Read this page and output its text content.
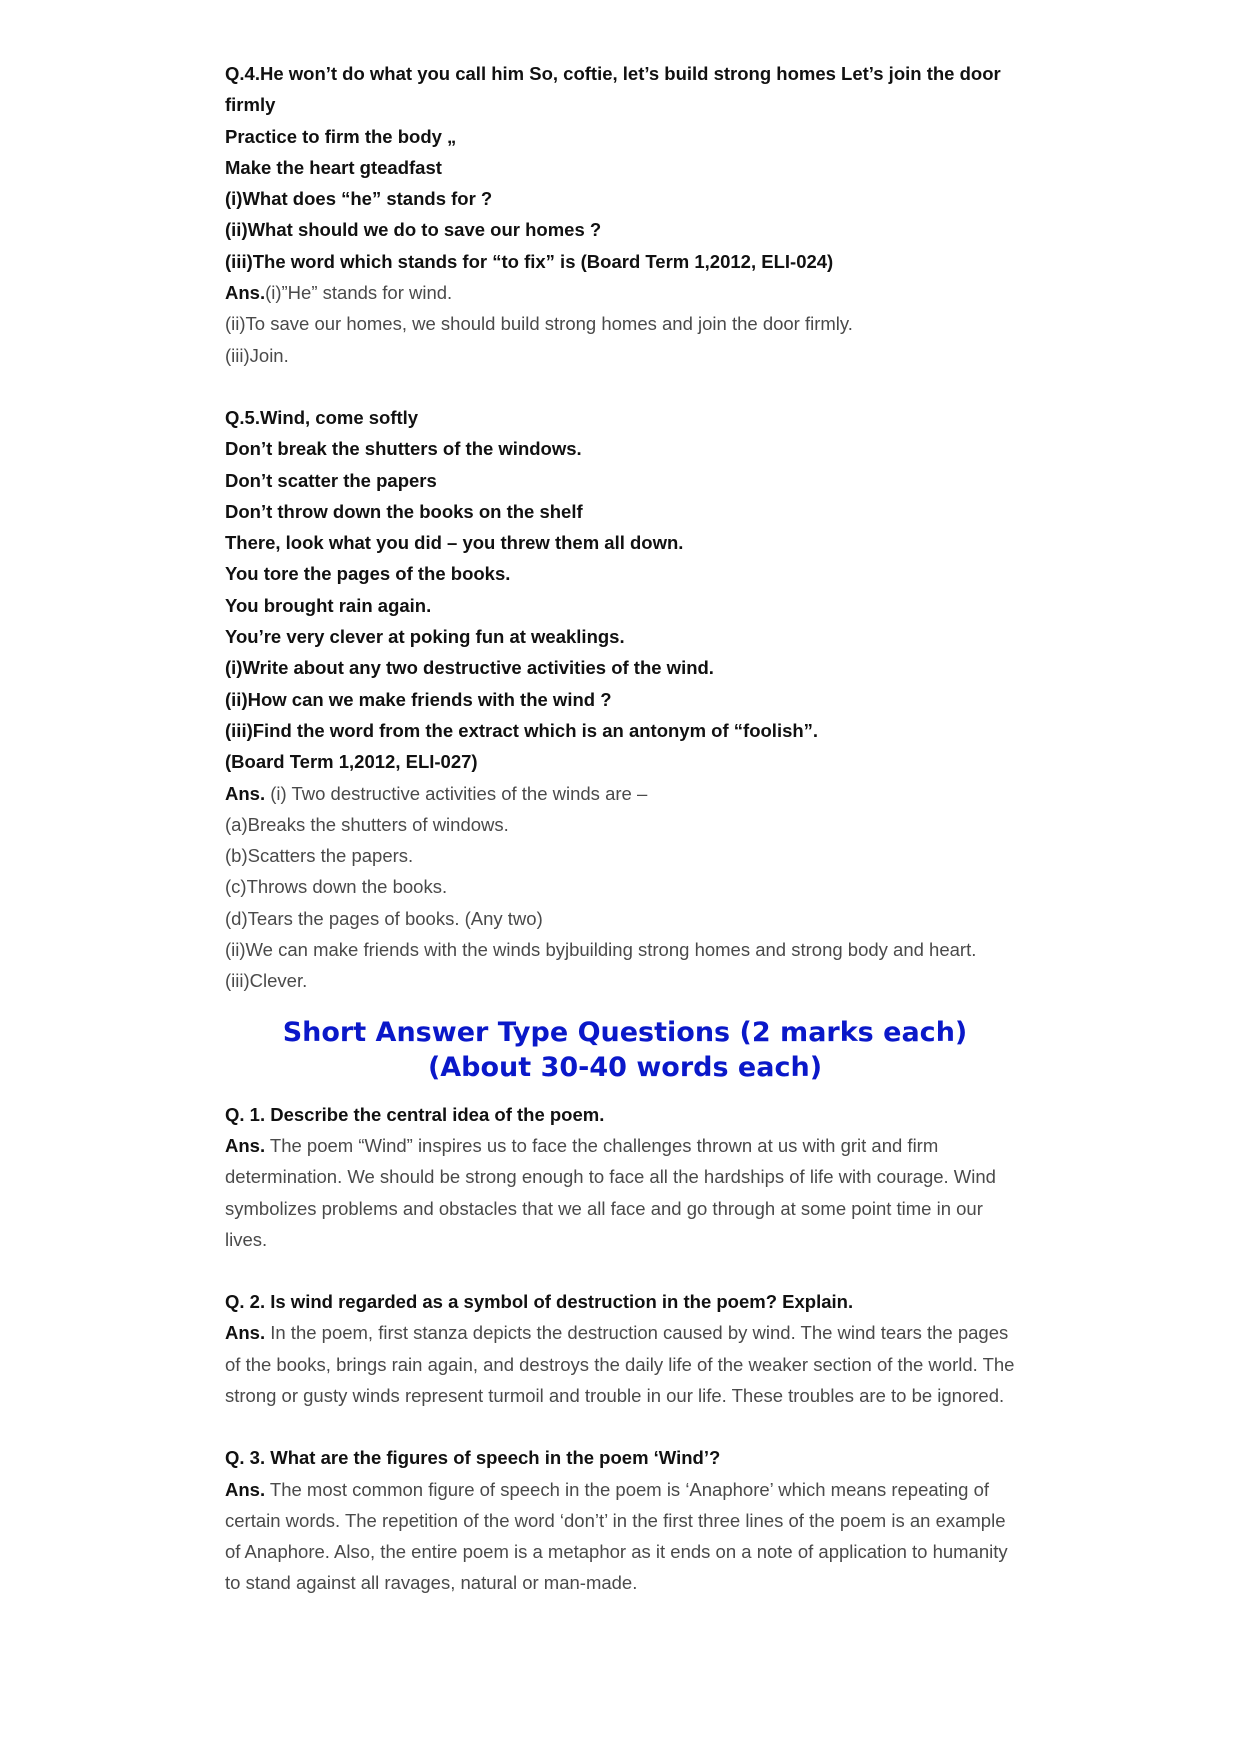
Q.4.He won’t do what you call him So, coftie, let’s build strong homes Let’s join the door
firmly
Practice to firm the body „
Make the heart gteadfast
(i)What does “he” stands for ?
(ii)What should we do to save our homes ?
(iii)The word which stands for “to fix” is (Board Term 1,2012, ELI-024)
Ans.(i)”He” stands for wind.
(ii)To save our homes, we should build strong homes and join the door firmly.
(iii)Join.
Q.5.Wind, come softly
Don’t break the shutters of the windows.
Don’t scatter the papers
Don’t throw down the books on the shelf
There, look what you did – you threw them all down.
You tore the pages of the books.
You brought rain again.
You’re very clever at poking fun at weaklings.
(i)Write about any two destructive activities of the wind.
(ii)How can we make friends with the wind ?
(iii)Find the word from the extract which is an antonym of “foolish”.
(Board Term 1,2012, ELI-027)
Ans. (i) Two destructive activities of the winds are –
(a)Breaks the shutters of windows.
(b)Scatters the papers.
(c)Throws down the books.
(d)Tears the pages of books. (Any two)
(ii)We can make friends with the winds byjbuilding strong homes and strong body and heart.
(iii)Clever.
Short Answer Type Questions (2 marks each)
(About 30-40 words each)
Q. 1. Describe the central idea of the poem.
Ans. The poem “Wind” inspires us to face the challenges thrown at us with grit and firm determination. We should be strong enough to face all the hardships of life with courage. Wind symbolizes problems and obstacles that we all face and go through at some point time in our lives.
Q. 2. Is wind regarded as a symbol of destruction in the poem? Explain.
Ans. In the poem, first stanza depicts the destruction caused by wind. The wind tears the pages of the books, brings rain again, and destroys the daily life of the weaker section of the world. The strong or gusty winds represent turmoil and trouble in our life. These troubles are to be ignored.
Q. 3. What are the figures of speech in the poem ‘Wind’?
Ans. The most common figure of speech in the poem is ‘Anaphore’ which means repeating of certain words. The repetition of the word ‘don’t’ in the first three lines of the poem is an example of Anaphore. Also, the entire poem is a metaphor as it ends on a note of application to humanity to stand against all ravages, natural or man-made.
